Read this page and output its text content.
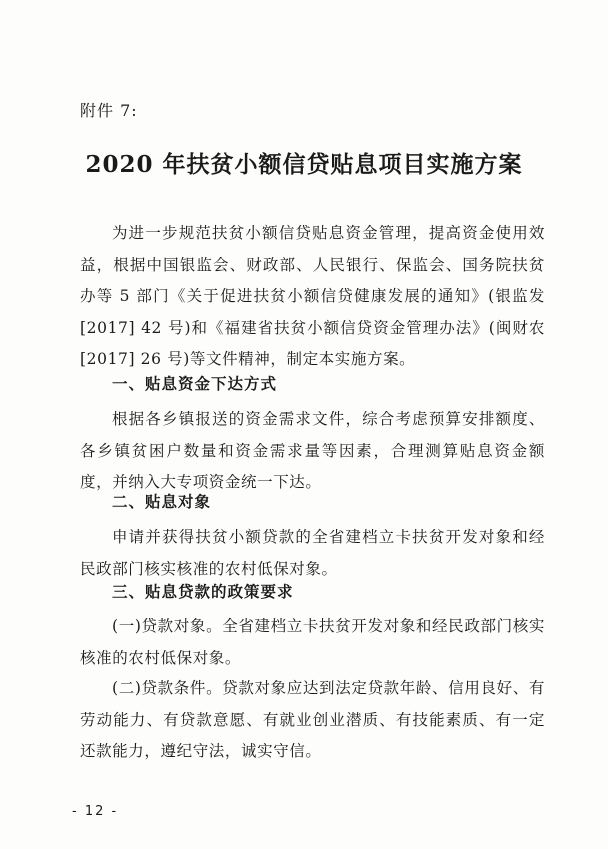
附件 7:
2020 年扶贫小额信贷贴息项目实施方案
为进一步规范扶贫小额信贷贴息资金管理，提高资金使用效益，根据中国银监会、财政部、人民银行、保监会、国务院扶贫办等 5 部门《关于促进扶贫小额信贷健康发展的通知》(银监发[2017] 42 号)和《福建省扶贫小额信贷资金管理办法》(闽财农[2017] 26 号)等文件精神，制定本实施方案。
一、贴息资金下达方式
根据各乡镇报送的资金需求文件，综合考虑预算安排额度、各乡镇贫困户数量和资金需求量等因素，合理测算贴息资金额度，并纳入大专项资金统一下达。
二、贴息对象
申请并获得扶贫小额贷款的全省建档立卡扶贫开发对象和经民政部门核实核准的农村低保对象。
三、贴息贷款的政策要求
(一)贷款对象。全省建档立卡扶贫开发对象和经民政部门核实核准的农村低保对象。
(二)贷款条件。贷款对象应达到法定贷款年龄、信用良好、有劳动能力、有贷款意愿、有就业创业潜质、有技能素质、有一定还款能力，遵纪守法，诚实守信。
- 12 -
